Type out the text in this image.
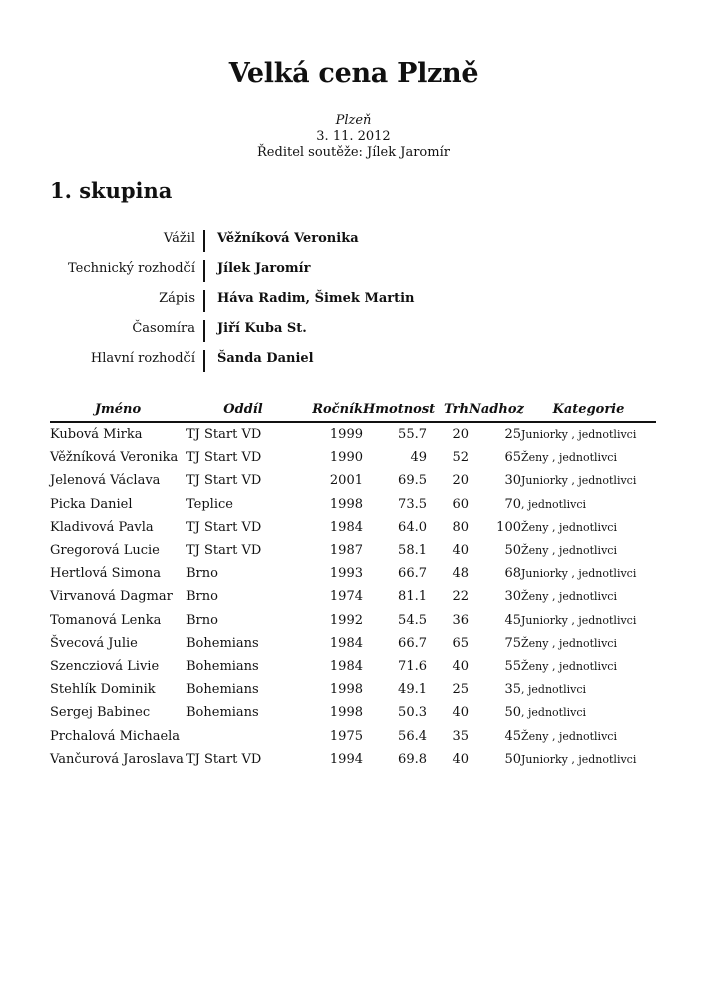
Velká cena Plzně

Plzeň

3. 11. 2012

Ředitel soutěže: Jílek Jaromír

1. skupina
Vážil Věžníková Veronika
Technický rozhodčí Jílek Jaromír
Zápis Háva Radim, Šimek Martin
Časomíra Jiří Kuba St.
Hlavní rozhodčí Šanda Daniel
Jméno	Oddíl	Ročník	Hmotnost	Trh	Nadhoz	Kategorie
Kubová Mirka	TJ Start VD	1999	55.7	20	25	Juniorky , jednotlivci
Věžníková Veronika	TJ Start VD	1990	49	52	65	Ženy , jednotlivci
Jelenová Václava	TJ Start VD	2001	69.5	20	30	Juniorky , jednotlivci
Picka Daniel	Teplice	1998	73.5	60	70	, jednotlivci
Kladivová Pavla	TJ Start VD	1984	64.0	80	100	Ženy , jednotlivci
Gregorová Lucie	TJ Start VD	1987	58.1	40	50	Ženy , jednotlivci
Hertlová Simona	Brno	1993	66.7	48	68	Juniorky , jednotlivci
Virvanová Dagmar	Brno	1974	81.1	22	30	Ženy , jednotlivci
Tomanová Lenka	Brno	1992	54.5	36	45	Juniorky , jednotlivci
Švecová Julie	Bohemians	1984	66.7	65	75	Ženy , jednotlivci
Szencziová Livie	Bohemians	1984	71.6	40	55	Ženy , jednotlivci
Stehlík Dominik	Bohemians	1998	49.1	25	35	, jednotlivci
Sergej Babinec	Bohemians	1998	50.3	40	50	, jednotlivci
Prchalová Michaela		1975	56.4	35	45	Ženy , jednotlivci
Vančurová Jaroslava	TJ Start VD	1994	69.8	40	50	Juniorky , jednotlivci
